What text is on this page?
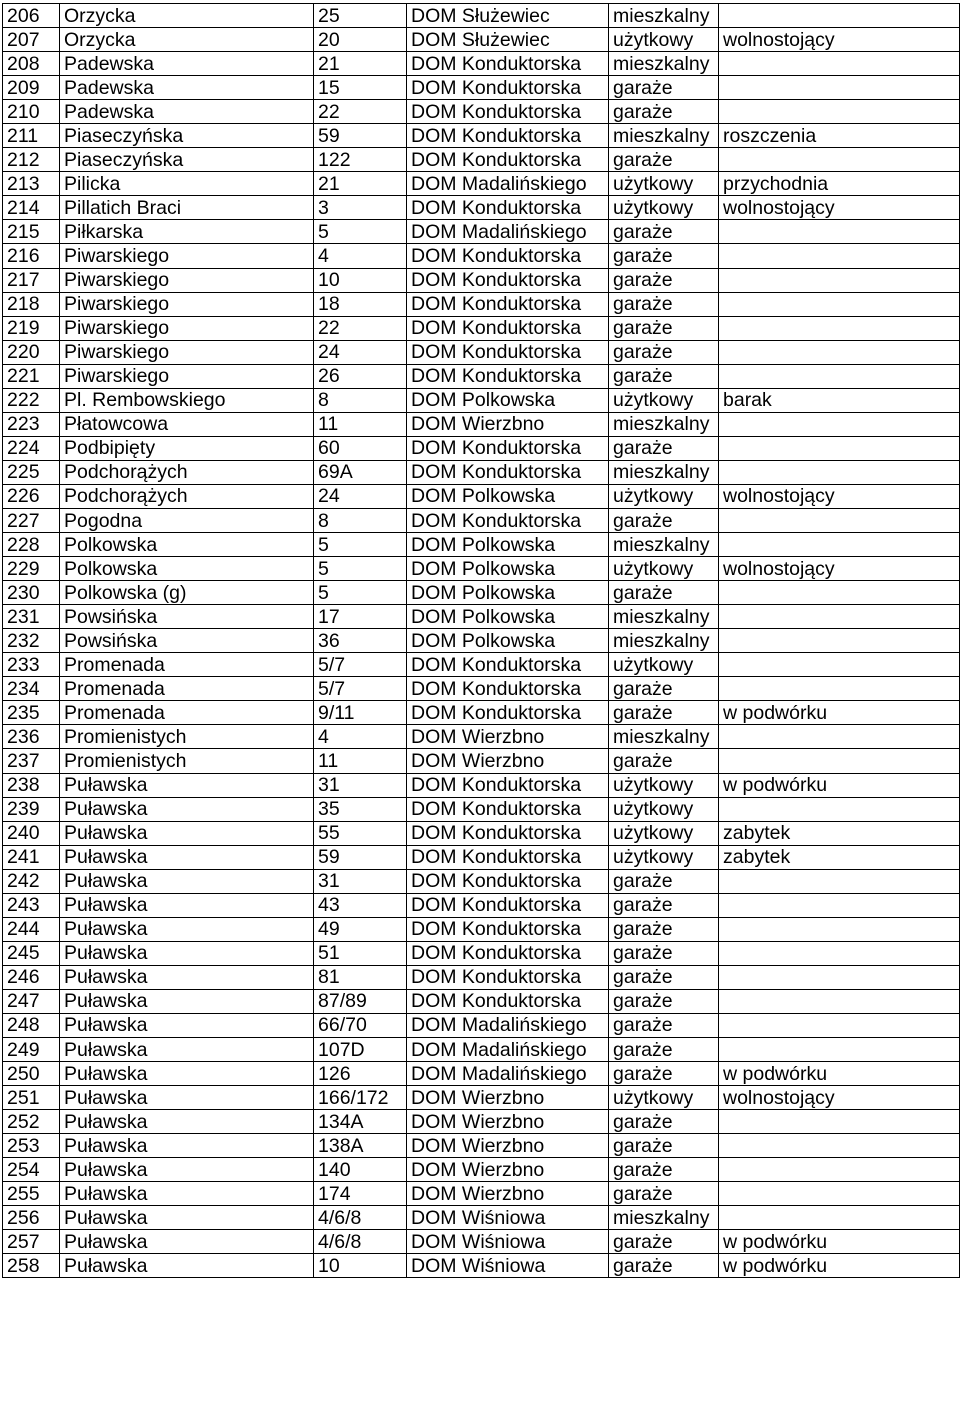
206	Orzycka	25	DOM Służewiec	mieszkalny	
207	Orzycka	20	DOM Służewiec	użytkowy	wolnostojący
208	Padewska	21	DOM Konduktorska	mieszkalny	
209	Padewska	15	DOM Konduktorska	garaże	
210	Padewska	22	DOM Konduktorska	garaże	
211	Piaseczyńska	59	DOM Konduktorska	mieszkalny	roszczenia
212	Piaseczyńska	122	DOM Konduktorska	garaże	
213	Pilicka	21	DOM Madalińskiego	użytkowy	przychodnia
214	Pillatich Braci	3	DOM Konduktorska	użytkowy	wolnostojący
215	Piłkarska	5	DOM Madalińskiego	garaże	
216	Piwarskiego	4	DOM Konduktorska	garaże	
217	Piwarskiego	10	DOM Konduktorska	garaże	
218	Piwarskiego	18	DOM Konduktorska	garaże	
219	Piwarskiego	22	DOM Konduktorska	garaże	
220	Piwarskiego	24	DOM Konduktorska	garaże	
221	Piwarskiego	26	DOM Konduktorska	garaże	
222	Pl. Rembowskiego	8	DOM Polkowska	użytkowy	barak
223	Płatowcowa	11	DOM Wierzbno	mieszkalny	
224	Podbipięty	60	DOM Konduktorska	garaże	
225	Podchorążych	69A	DOM Konduktorska	mieszkalny	
226	Podchorążych	24	DOM Polkowska	użytkowy	wolnostojący
227	Pogodna	8	DOM Konduktorska	garaże	
228	Polkowska	5	DOM Polkowska	mieszkalny	
229	Polkowska	5	DOM Polkowska	użytkowy	wolnostojący
230	Polkowska (g)	5	DOM Polkowska	garaże	
231	Powsińska	17	DOM Polkowska	mieszkalny	
232	Powsińska	36	DOM Polkowska	mieszkalny	
233	Promenada	5/7	DOM Konduktorska	użytkowy	
234	Promenada	5/7	DOM Konduktorska	garaże	
235	Promenada	9/11	DOM Konduktorska	garaże	w podwórku
236	Promienistych	4	DOM Wierzbno	mieszkalny	
237	Promienistych	11	DOM Wierzbno	garaże	
238	Puławska	31	DOM Konduktorska	użytkowy	w podwórku
239	Puławska	35	DOM Konduktorska	użytkowy	
240	Puławska	55	DOM Konduktorska	użytkowy	zabytek
241	Puławska	59	DOM Konduktorska	użytkowy	zabytek
242	Puławska	31	DOM Konduktorska	garaże	
243	Puławska	43	DOM Konduktorska	garaże	
244	Puławska	49	DOM Konduktorska	garaże	
245	Puławska	51	DOM Konduktorska	garaże	
246	Puławska	81	DOM Konduktorska	garaże	
247	Puławska	87/89	DOM Konduktorska	garaże	
248	Puławska	66/70	DOM Madalińskiego	garaże	
249	Puławska	107D	DOM Madalińskiego	garaże	
250	Puławska	126	DOM Madalińskiego	garaże	w podwórku
251	Puławska	166/172	DOM Wierzbno	użytkowy	wolnostojący
252	Puławska	134A	DOM Wierzbno	garaże	
253	Puławska	138A	DOM Wierzbno	garaże	
254	Puławska	140	DOM Wierzbno	garaże	
255	Puławska	174	DOM Wierzbno	garaże	
256	Puławska	4/6/8	DOM Wiśniowa	mieszkalny	
257	Puławska	4/6/8	DOM Wiśniowa	garaże	w podwórku
258	Puławska	10	DOM Wiśniowa	garaże	w podwórku
